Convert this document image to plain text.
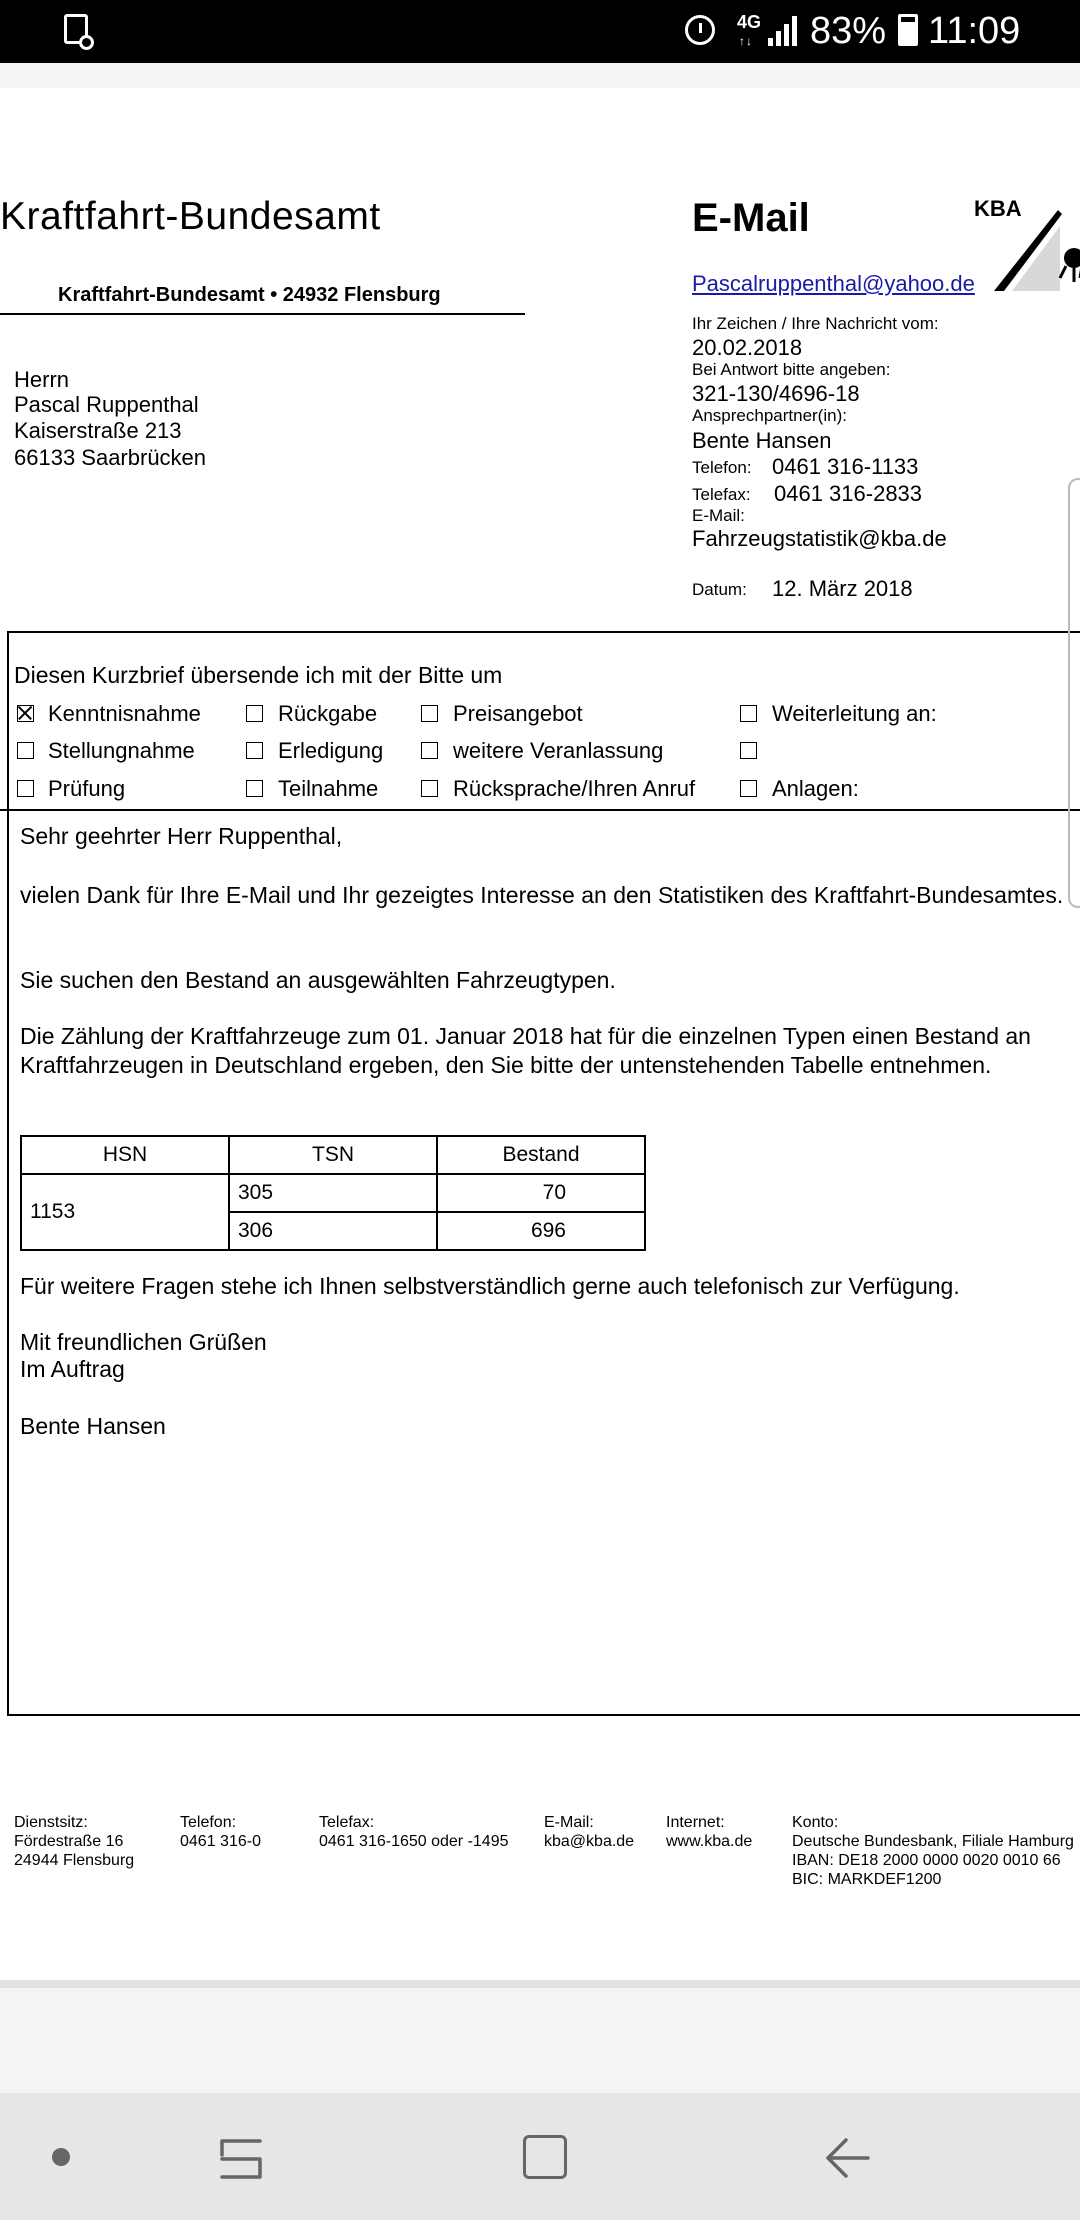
4G
↑↓ 83% 11:09
Kraftfahrt-Bundesamt
Kraftfahrt-Bundesamt • 24932 Flensburg
Herrn
Pascal Ruppenthal
Kaiserstraße 213
66133 Saarbrücken
E-Mail	KBA
Pascalruppenthal@yahoo.de
Ihr Zeichen / Ihre Nachricht vom:
20.02.2018
Bei Antwort bitte angeben:
321-130/4696-18
Ansprechpartner(in):
Bente Hansen
Telefon: 0461 316-1133
Telefax: 0461 316-2833
E-Mail:
Fahrzeugstatistik@kba.de
Datum: 12. März 2018
Diesen Kurzbrief übersende ich mit der Bitte um
Kenntnisnahme	Rückgabe	Preisangebot	Weiterleitung an:
Stellungnahme	Erledigung	weitere Veranlassung
Prüfung	Teilnahme	Rücksprache/Ihren Anruf	Anlagen:
Sehr geehrter Herr Ruppenthal,
vielen Dank für Ihre E-Mail und Ihr gezeigtes Interesse an den Statistiken des Kraftfahrt-Bundesamtes.
Sie suchen den Bestand an ausgewählten Fahrzeugtypen.
Die Zählung der Kraftfahrzeuge zum 01. Januar 2018 hat für die einzelnen Typen einen Bestand an Kraftfahrzeugen in Deutschland ergeben, den Sie bitte der untenstehenden Tabelle entnehmen.
HSN	TSN	Bestand
1153	305	70
	306	696
Für weitere Fragen stehe ich Ihnen selbstverständlich gerne auch telefonisch zur Verfügung.
Mit freundlichen Grüßen
Im Auftrag
Bente Hansen
Dienstsitz:
Fördestraße 16
24944 Flensburg
Telefon:
0461 316-0
Telefax:
0461 316-1650 oder -1495
E-Mail:
kba@kba.de
Internet:
www.kba.de
Konto:
Deutsche Bundesbank, Filiale Hamburg
IBAN: DE18 2000 0000 0020 0010 66
BIC: MARKDEF1200
